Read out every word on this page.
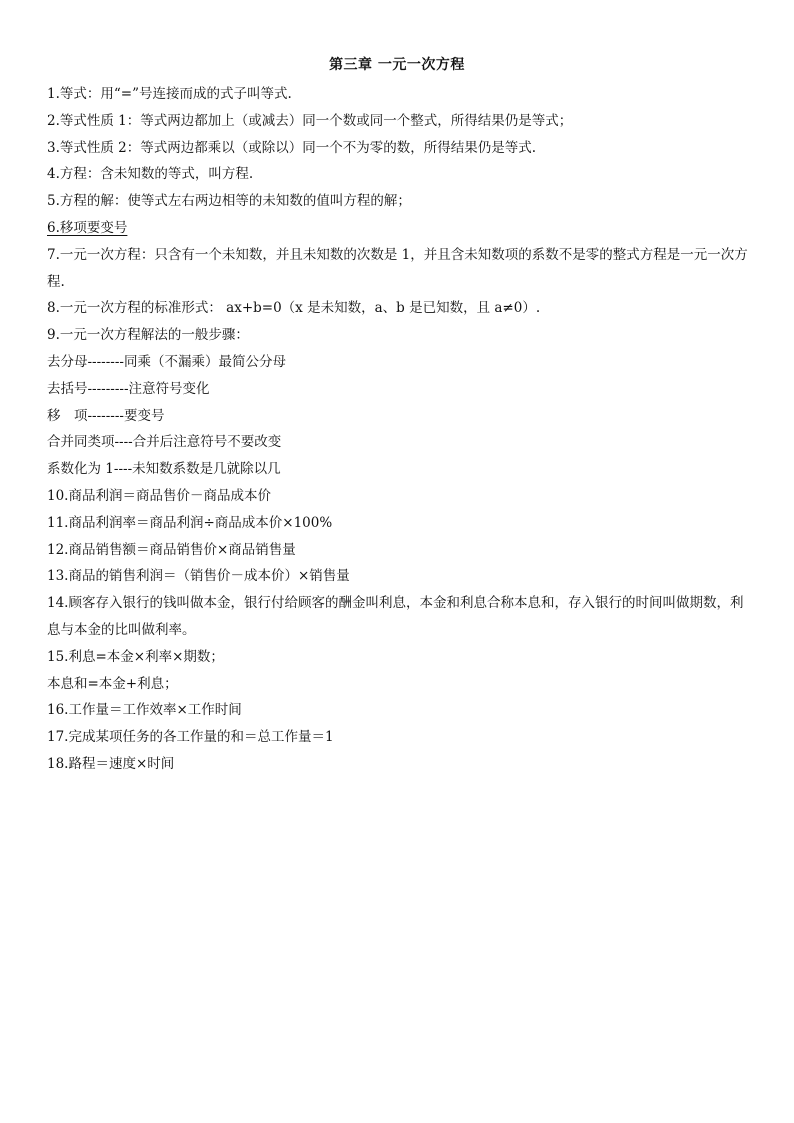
第三章 一元一次方程
1.等式：用“=”号连接而成的式子叫等式.
2.等式性质 1：等式两边都加上（或减去）同一个数或同一个整式，所得结果仍是等式；
3.等式性质 2：等式两边都乘以（或除以）同一个不为零的数，所得结果仍是等式.
4.方程：含未知数的等式，叫方程.
5.方程的解：使等式左右两边相等的未知数的值叫方程的解；
6.移项要变号
7.一元一次方程：只含有一个未知数，并且未知数的次数是 1，并且含未知数项的系数不是零的整式方程是一元一次方程.
8.一元一次方程的标准形式： ax+b=0（x 是未知数，a、b 是已知数，且 a≠0）.
9.一元一次方程解法的一般步骤：
去分母--------同乘（不漏乘）最简公分母
去括号---------注意符号变化
移　项--------要变号
合并同类项----合并后注意符号不要改变
系数化为 1----未知数系数是几就除以几
10.商品利润＝商品售价－商品成本价
11.商品利润率＝商品利润÷商品成本价×100%
12.商品销售额＝商品销售价×商品销售量
13.商品的销售利润＝（销售价－成本价）×销售量
14.顾客存入银行的钱叫做本金，银行付给顾客的酬金叫利息，本金和利息合称本息和，存入银行的时间叫做期数，利息与本金的比叫做利率。
15.利息=本金×利率×期数；
本息和=本金+利息；
16.工作量＝工作效率×工作时间
17.完成某项任务的各工作量的和＝总工作量＝1
18.路程＝速度×时间
